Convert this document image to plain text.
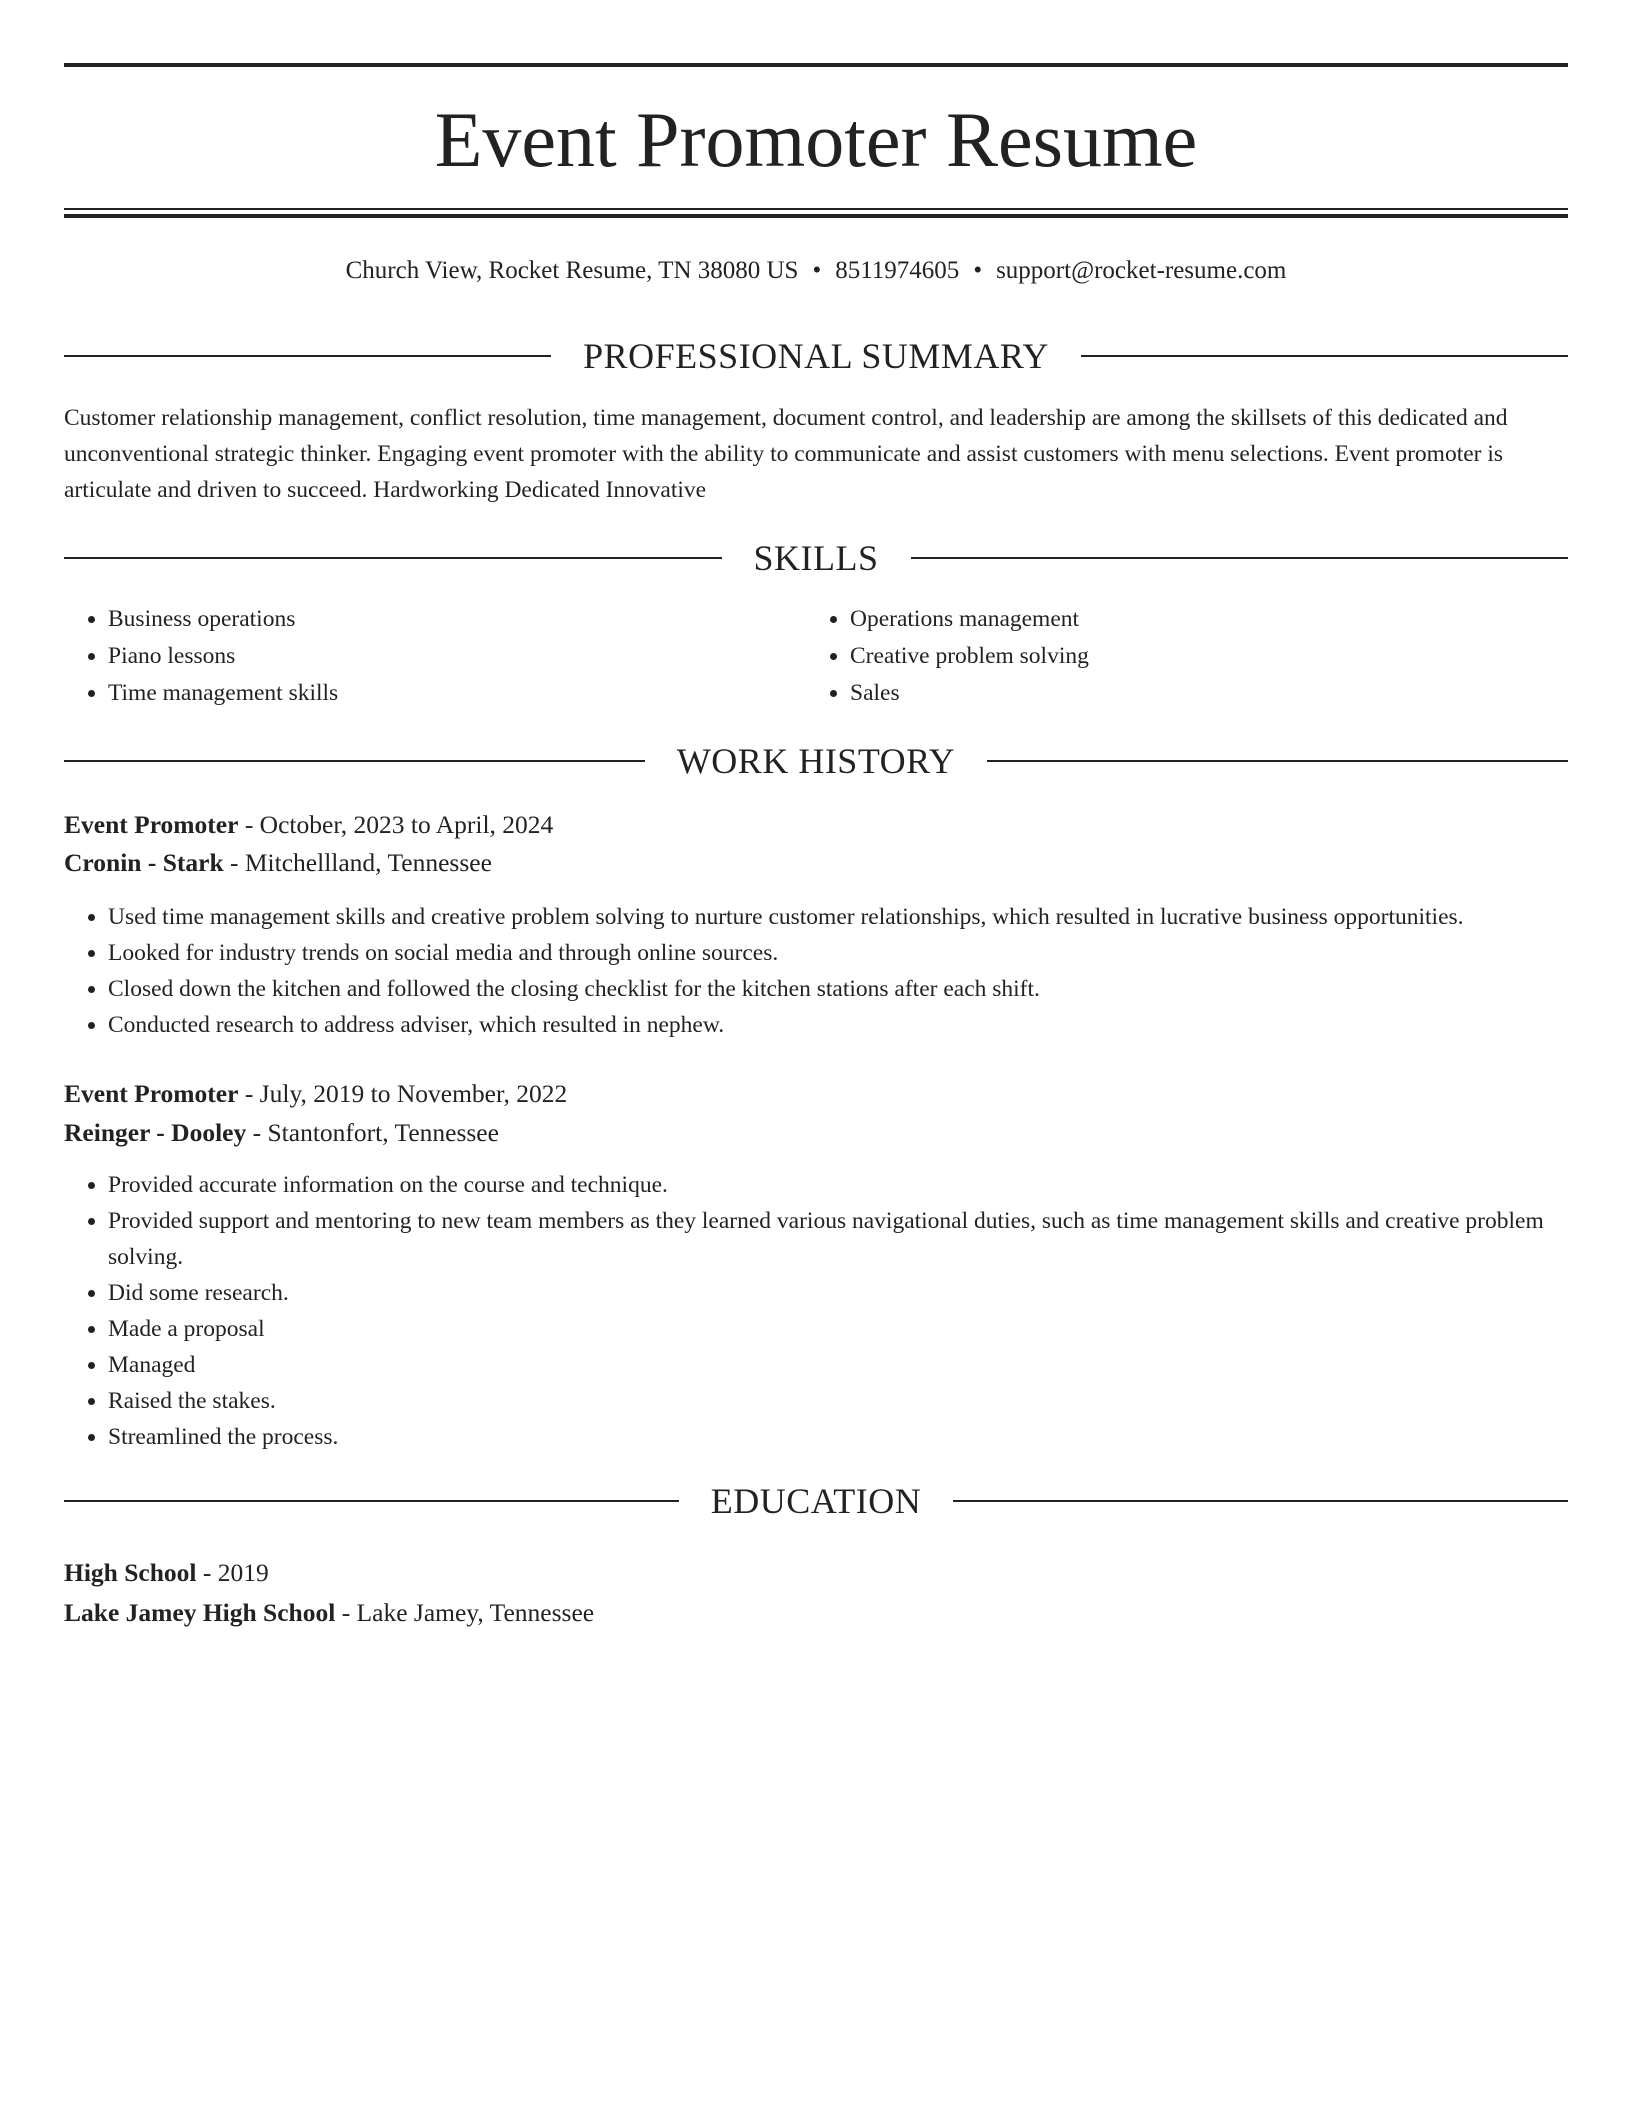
Event Promoter Resume
Church View, Rocket Resume, TN 38080 US • 8511974605 • support@rocket-resume.com
PROFESSIONAL SUMMARY
Customer relationship management, conflict resolution, time management, document control, and leadership are among the skillsets of this dedicated and unconventional strategic thinker. Engaging event promoter with the ability to communicate and assist customers with menu selections. Event promoter is articulate and driven to succeed. Hardworking Dedicated Innovative
SKILLS
• Business operations
• Piano lessons
• Time management skills
• Operations management
• Creative problem solving
• Sales
WORK HISTORY
Event Promoter - October, 2023 to April, 2024
Cronin - Stark - Mitchellland, Tennessee
• Used time management skills and creative problem solving to nurture customer relationships, which resulted in lucrative business opportunities.
• Looked for industry trends on social media and through online sources.
• Closed down the kitchen and followed the closing checklist for the kitchen stations after each shift.
• Conducted research to address adviser, which resulted in nephew.
Event Promoter - July, 2019 to November, 2022
Reinger - Dooley - Stantonfort, Tennessee
• Provided accurate information on the course and technique.
• Provided support and mentoring to new team members as they learned various navigational duties, such as time management skills and creative problem solving.
• Did some research.
• Made a proposal
• Managed
• Raised the stakes.
• Streamlined the process.
EDUCATION
High School - 2019
Lake Jamey High School - Lake Jamey, Tennessee
